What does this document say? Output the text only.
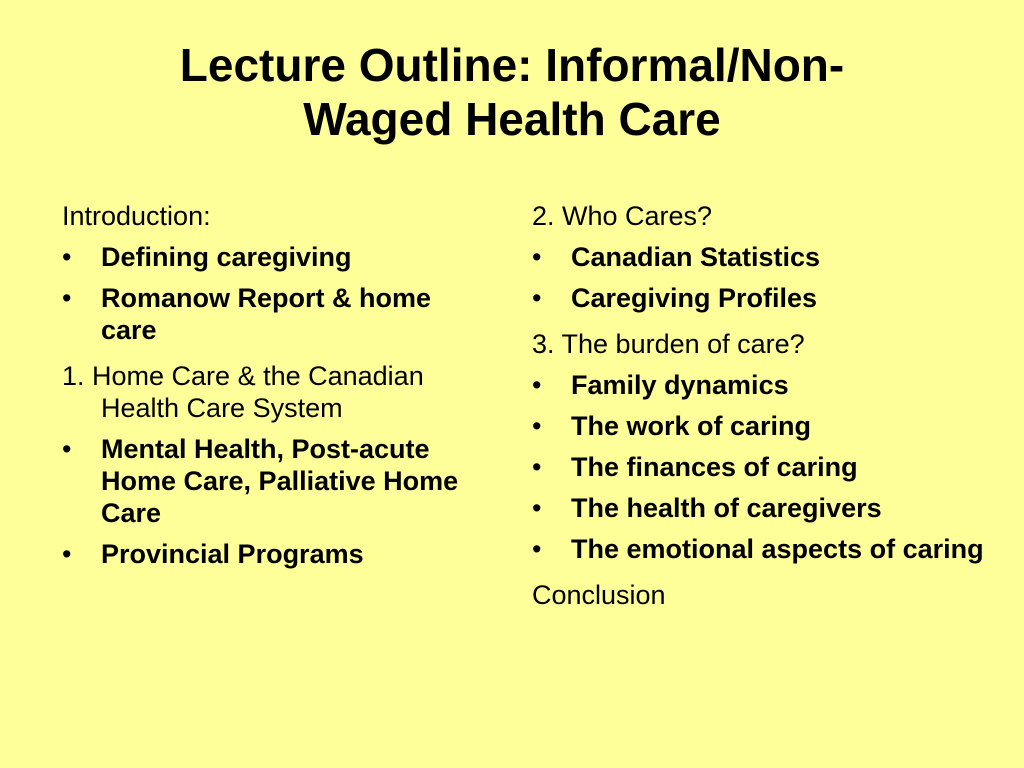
Lecture Outline: Informal/Non-
Waged Health Care
Introduction:
• Defining caregiving
• Romanow Report & home care
1. Home Care & the Canadian Health Care System
• Mental Health, Post-acute Home Care, Palliative Home Care
• Provincial Programs
2. Who Cares?
• Canadian Statistics
• Caregiving Profiles
3. The burden of care?
• Family dynamics
• The work of caring
• The finances of caring
• The health of caregivers
• The emotional aspects of caring
Conclusion
